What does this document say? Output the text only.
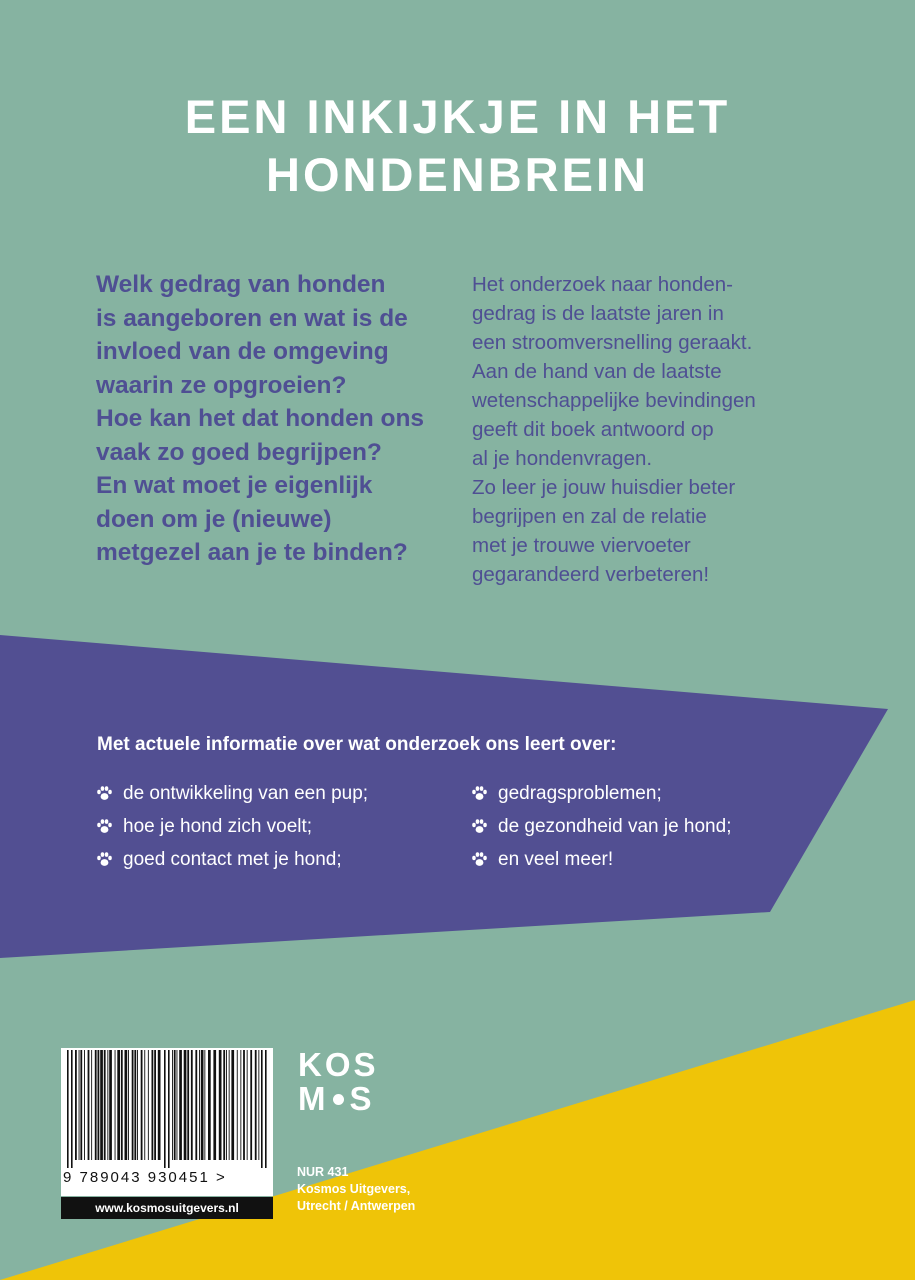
EEN INKIJKJE IN HET
HONDENBREIN
Welk gedrag van honden
is aangeboren en wat is de
invloed van de omgeving
waarin ze opgroeien?
Hoe kan het dat honden ons
vaak zo goed begrijpen?
En wat moet je eigenlijk
doen om je (nieuwe)
metgezel aan je te binden?
Het onderzoek naar honden-
gedrag is de laatste jaren in
een stroomversnelling geraakt.
Aan de hand van de laatste
wetenschappelijke bevindingen
geeft dit boek antwoord op
al je hondenvragen.
Zo leer je jouw huisdier beter
begrijpen en zal de relatie
met je trouwe viervoeter
gegarandeerd verbeteren!
Met actuele informatie over wat onderzoek ons leert over:
de ontwikkeling van een pup;
hoe je hond zich voelt;
goed contact met je hond;
gedragsproblemen;
de gezondheid van je hond;
en veel meer!
9 789043 930451 >
www.kosmosuitgevers.nl
KOS
M S
NUR 431
Kosmos Uitgevers,
Utrecht / Antwerpen
